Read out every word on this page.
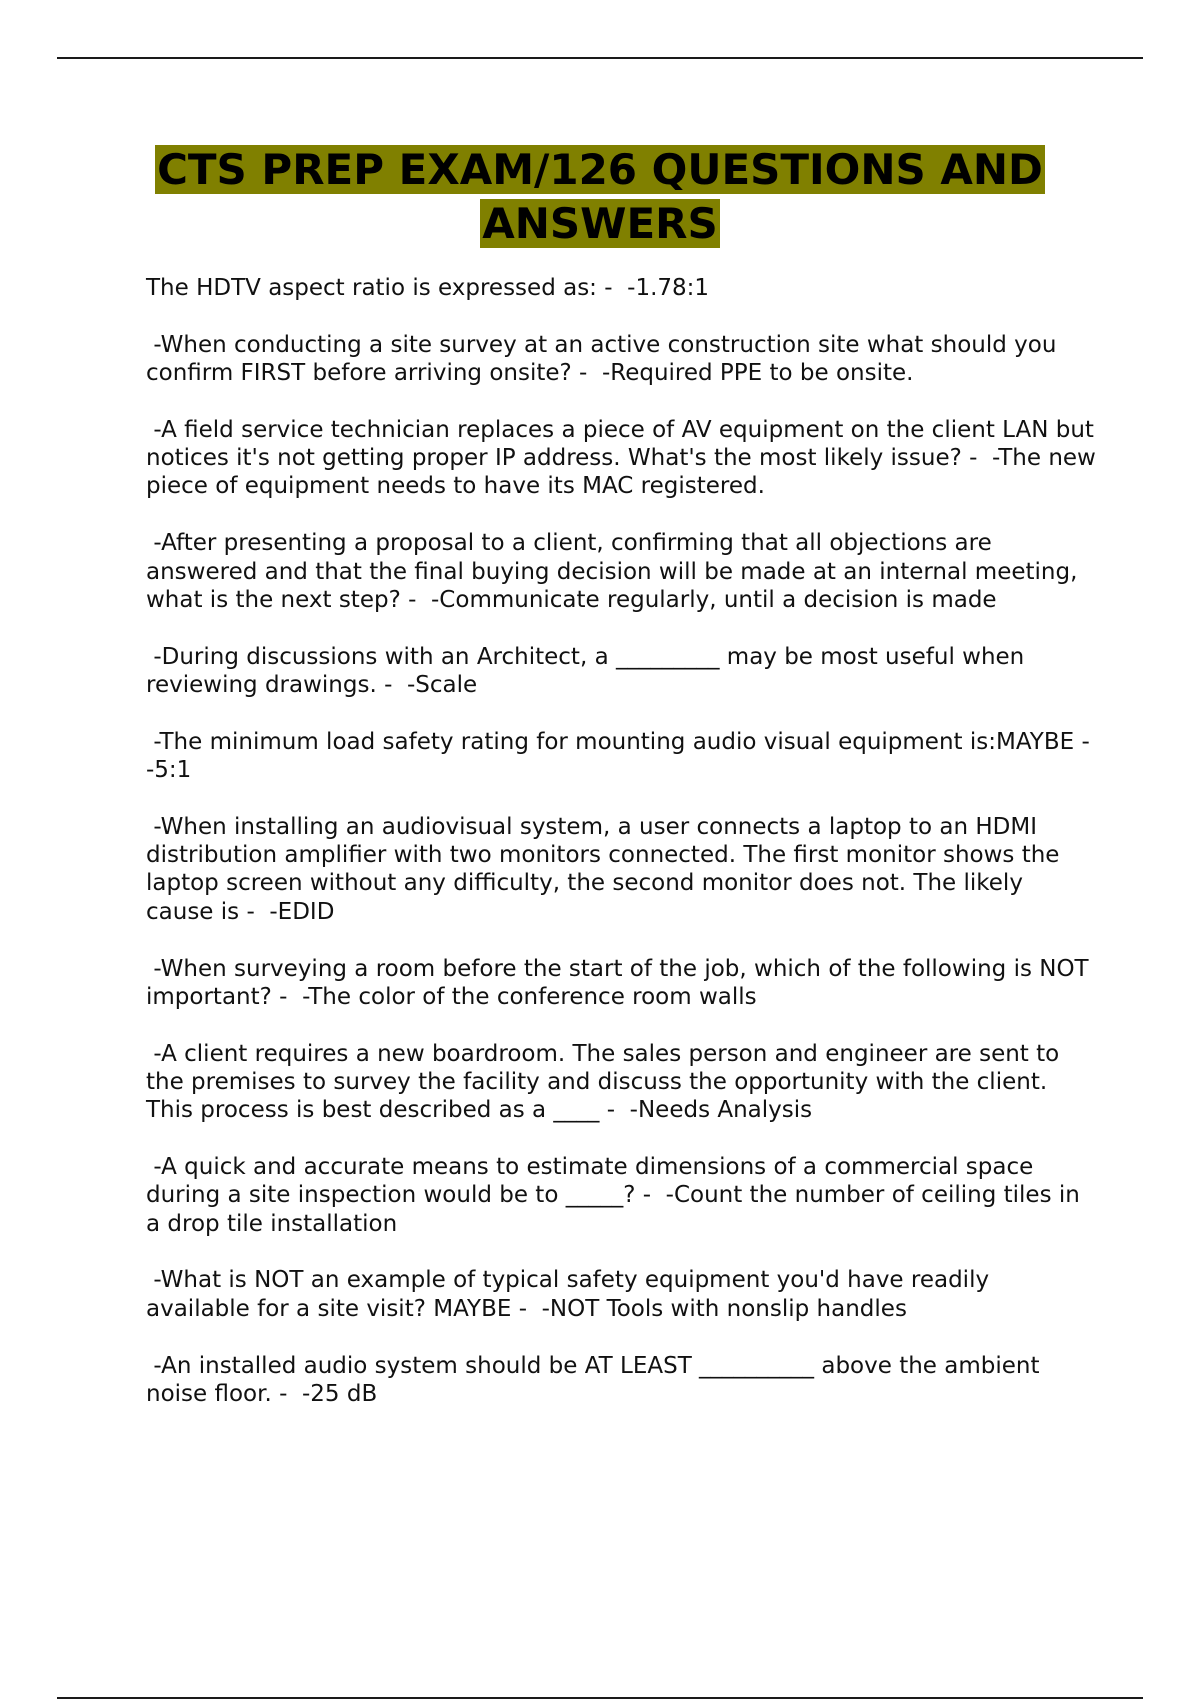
CTS PREP EXAM/126 QUESTIONS AND ANSWERS

The HDTV aspect ratio is expressed as: -  -1.78:1

-When conducting a site survey at an active construction site what should you confirm FIRST before arriving onsite? -  -Required PPE to be onsite.

-A field service technician replaces a piece of AV equipment on the client LAN but notices it's not getting proper IP address. What's the most likely issue? -  -The new piece of equipment needs to have its MAC registered.

-After presenting a proposal to a client, confirming that all objections are answered and that the final buying decision will be made at an internal meeting, what is the next step? -  -Communicate regularly, until a decision is made

-During discussions with an Architect, a _________ may be most useful when reviewing drawings. -  -Scale

-The minimum load safety rating for mounting audio visual equipment is:MAYBE -  -5:1

-When installing an audiovisual system, a user connects a laptop to an HDMI distribution amplifier with two monitors connected. The first monitor shows the laptop screen without any difficulty, the second monitor does not. The likely cause is -  -EDID

-When surveying a room before the start of the job, which of the following is NOT important? -  -The color of the conference room walls

-A client requires a new boardroom. The sales person and engineer are sent to the premises to survey the facility and discuss the opportunity with the client. This process is best described as a ____ -  -Needs Analysis

-A quick and accurate means to estimate dimensions of a commercial space during a site inspection would be to _____? -  -Count the number of ceiling tiles in a drop tile installation

-What is NOT an example of typical safety equipment you'd have readily available for a site visit? MAYBE -  -NOT Tools with nonslip handles

-An installed audio system should be AT LEAST __________ above the ambient noise floor. -  -25 dB
